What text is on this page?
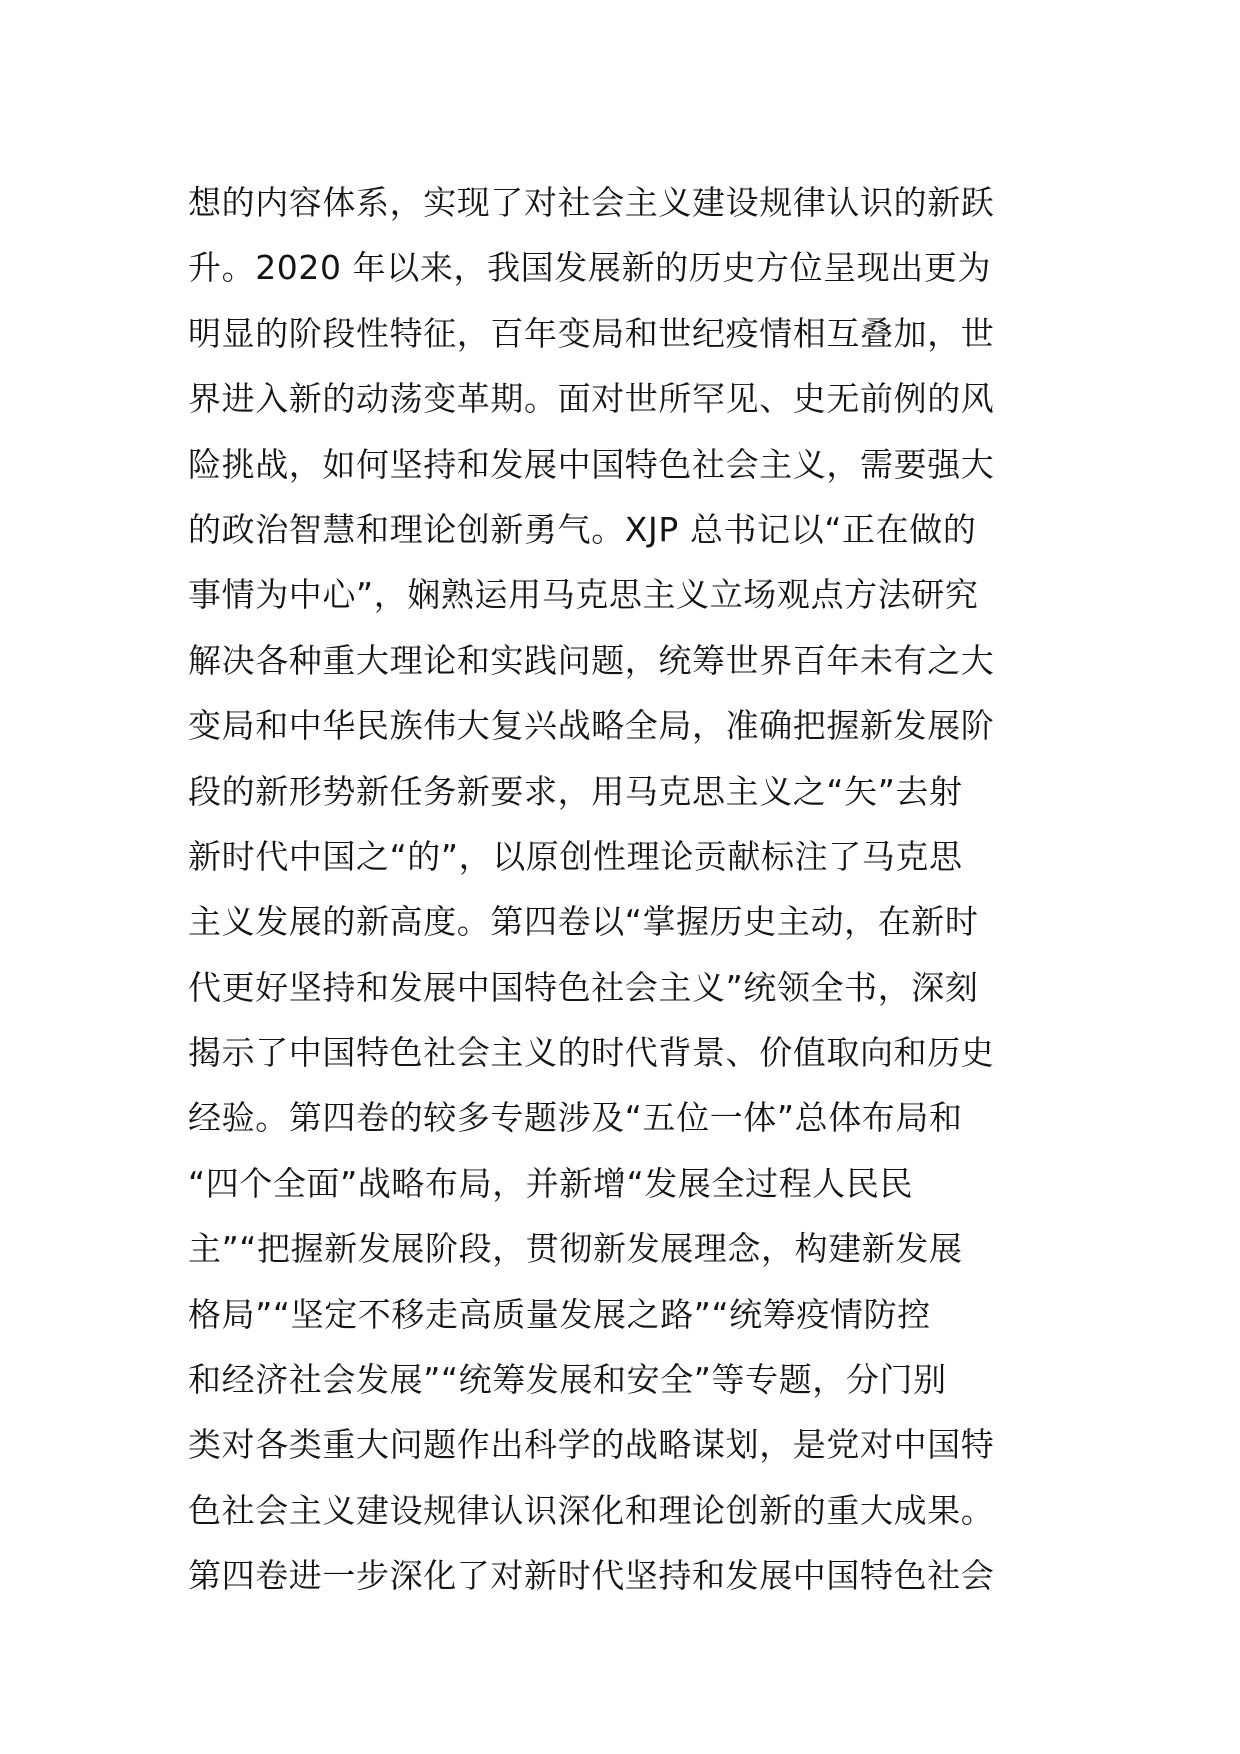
想的内容体系，实现了对社会主义建设规律认识的新跃
升。2020 年以来，我国发展新的历史方位呈现出更为
明显的阶段性特征，百年变局和世纪疫情相互叠加，世
界进入新的动荡变革期。面对世所罕见、史无前例的风
险挑战，如何坚持和发展中国特色社会主义，需要强大
的政治智慧和理论创新勇气。XJP 总书记以“正在做的
事情为中心”，娴熟运用马克思主义立场观点方法研究
解决各种重大理论和实践问题，统筹世界百年未有之大
变局和中华民族伟大复兴战略全局，准确把握新发展阶
段的新形势新任务新要求，用马克思主义之“矢”去射
新时代中国之“的”，以原创性理论贡献标注了马克思
主义发展的新高度。第四卷以“掌握历史主动，在新时
代更好坚持和发展中国特色社会主义”统领全书，深刻
揭示了中国特色社会主义的时代背景、价值取向和历史
经验。第四卷的较多专题涉及“五位一体”总体布局和
“四个全面”战略布局，并新增“发展全过程人民民
主”“把握新发展阶段，贯彻新发展理念，构建新发展
格局”“坚定不移走高质量发展之路”“统筹疫情防控
和经济社会发展”“统筹发展和安全”等专题，分门别
类对各类重大问题作出科学的战略谋划，是党对中国特
色社会主义建设规律认识深化和理论创新的重大成果。
第四卷进一步深化了对新时代坚持和发展中国特色社会
